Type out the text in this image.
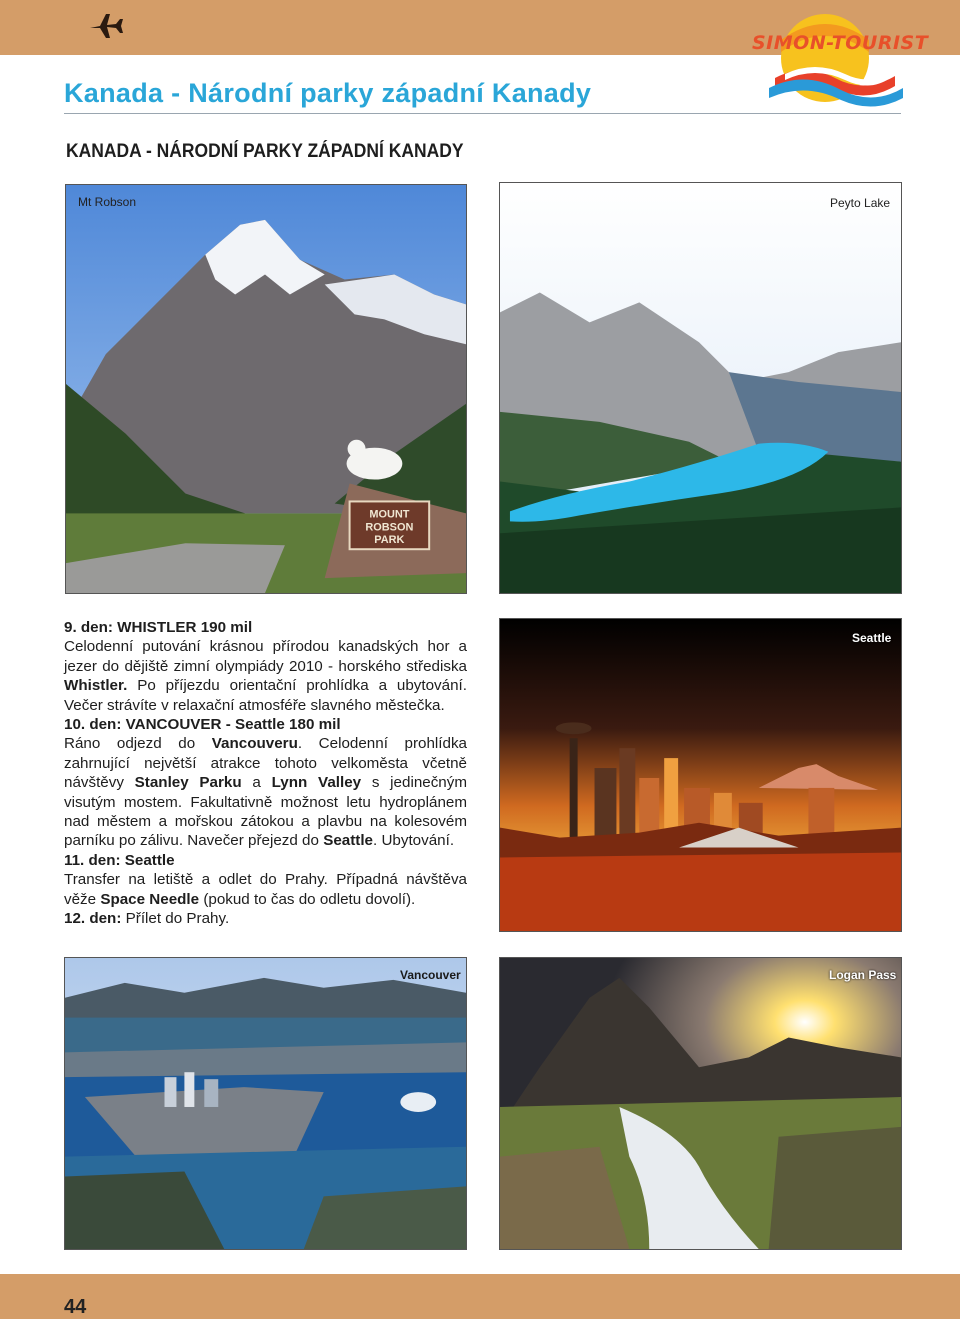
SIMON-TOURIST
Kanada - Národní parky západní Kanady
KANADA - NÁRODNÍ PARKY ZÁPADNÍ KANADY
MOUNT
ROBSON
PARK
Mt Robson	Peyto Lake

9. den: WHISTLER 190 mil
Celodenní putování krásnou přírodou kanadských hor a jezer do dějiště zimní olympiády 2010 - horského střediska Whistler. Po příjezdu orientační prohlídka a ubytování. Večer strávíte v relaxační atmosféře slavného městečka.

10. den: VANCOUVER - Seattle 180 mil
Ráno odjezd do Vancouveru. Celodenní prohlídka zahrnující největší atrakce tohoto velkoměsta včetně návštěvy Stanley Parku a Lynn Valley s jedinečným visutým mostem. Fakultativně možnost letu hydroplánem nad městem a mořskou zátokou a plavbu na kolesovém parníku po zálivu. Navečer přejezd do Seattle. Ubytování.

11. den: Seattle
Transfer na letiště a odlet do Prahy. Případná návštěva věže Space Needle (pokud to čas do odletu dovolí).

12. den: Přílet do Prahy.

Seattle
Vancouver	Logan Pass
44
